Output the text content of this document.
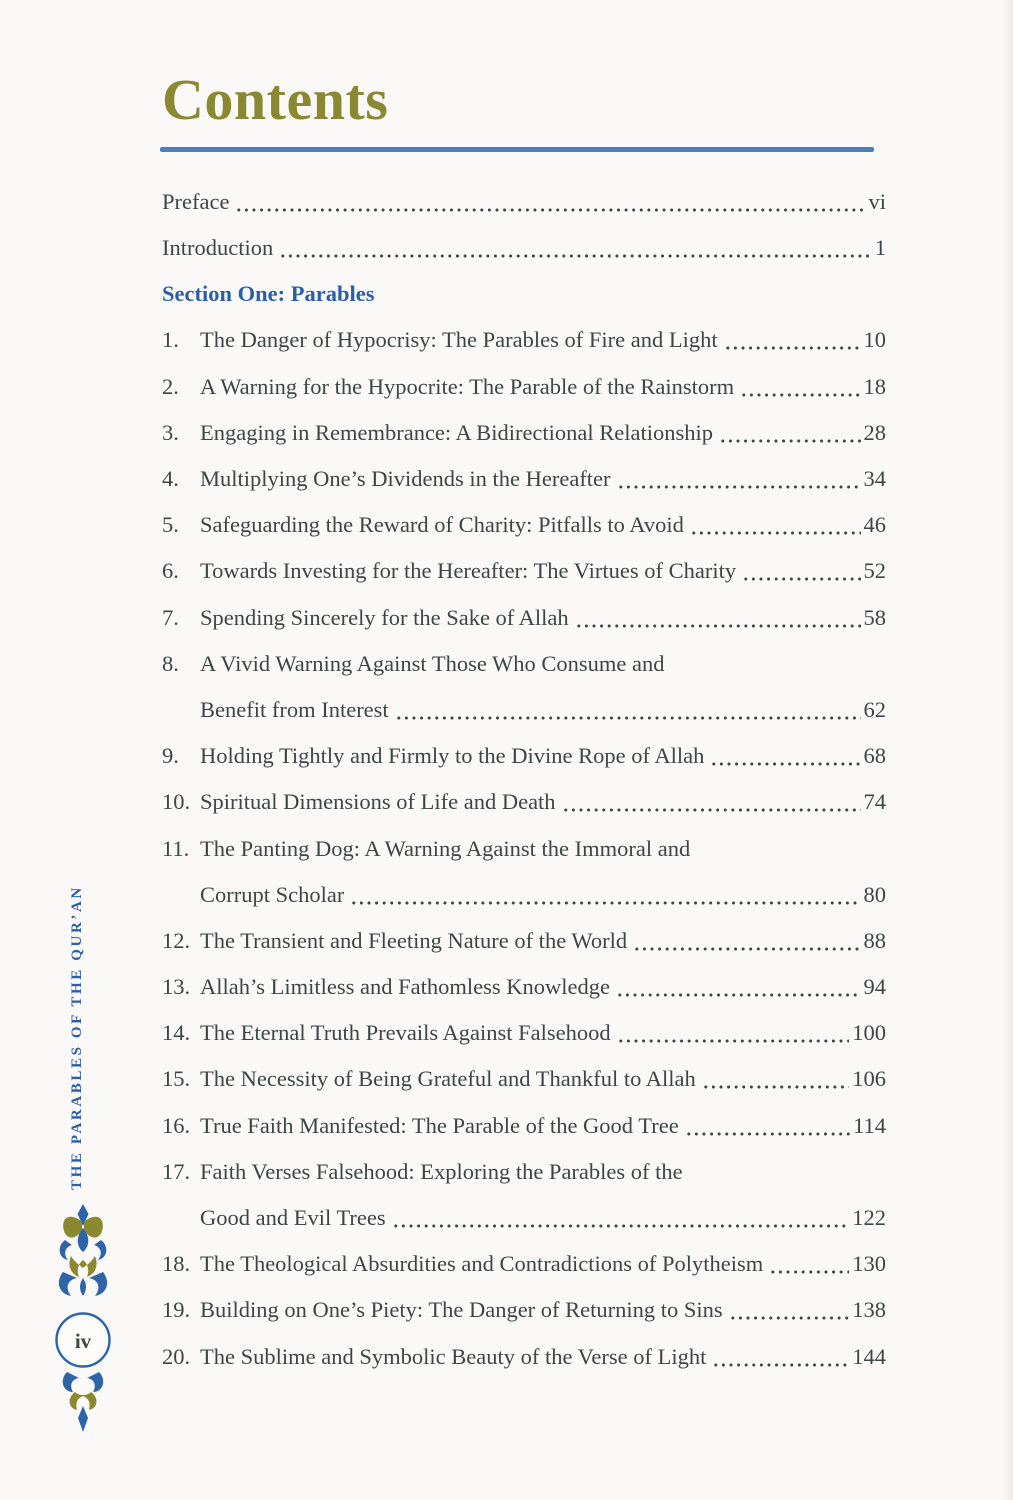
THE PARABLES OF THE QUR’AN
iv
Contents
Preface	vi
Introduction	1
Section One: Parables
1. The Danger of Hypocrisy: The Parables of Fire and Light	10
2. A Warning for the Hypocrite: The Parable of the Rainstorm	18
3. Engaging in Remembrance: A Bidirectional Relationship	28
4. Multiplying One’s Dividends in the Hereafter	34
5. Safeguarding the Reward of Charity: Pitfalls to Avoid	46
6. Towards Investing for the Hereafter: The Virtues of Charity	52
7. Spending Sincerely for the Sake of Allah	58
8. A Vivid Warning Against Those Who Consume and
Benefit from Interest	62
9. Holding Tightly and Firmly to the Divine Rope of Allah	68
10. Spiritual Dimensions of Life and Death	74
11. The Panting Dog: A Warning Against the Immoral and
Corrupt Scholar	80
12. The Transient and Fleeting Nature of the World	88
13. Allah’s Limitless and Fathomless Knowledge	94
14. The Eternal Truth Prevails Against Falsehood	100
15. The Necessity of Being Grateful and Thankful to Allah	106
16. True Faith Manifested: The Parable of the Good Tree	114
17. Faith Verses Falsehood: Exploring the Parables of the
Good and Evil Trees	122
18. The Theological Absurdities and Contradictions of Polytheism	130
19. Building on One’s Piety: The Danger of Returning to Sins	138
20. The Sublime and Symbolic Beauty of the Verse of Light	144
